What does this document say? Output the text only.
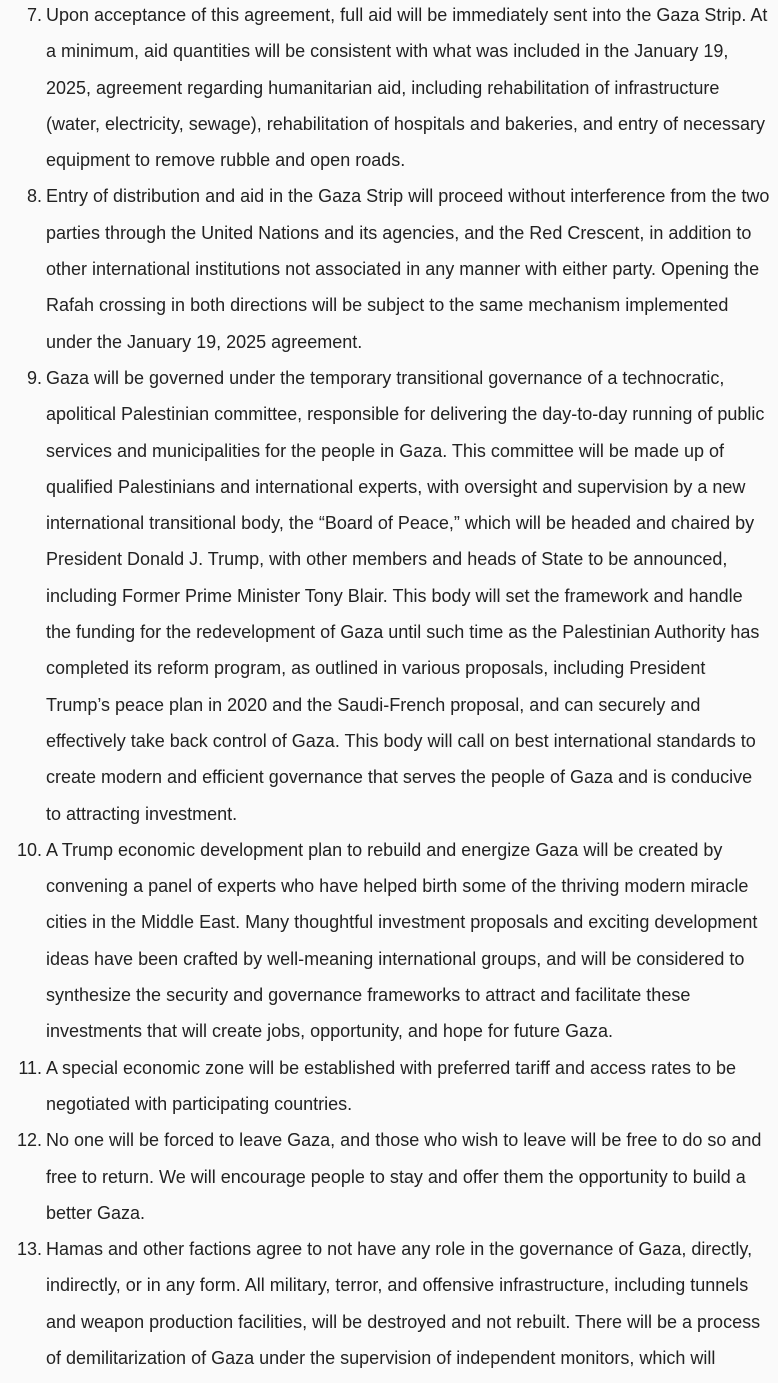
7. Upon acceptance of this agreement, full aid will be immediately sent into the Gaza Strip. At
a minimum, aid quantities will be consistent with what was included in the January 19,
2025, agreement regarding humanitarian aid, including rehabilitation of infrastructure
(water, electricity, sewage), rehabilitation of hospitals and bakeries, and entry of necessary
equipment to remove rubble and open roads.
8. Entry of distribution and aid in the Gaza Strip will proceed without interference from the two
parties through the United Nations and its agencies, and the Red Crescent, in addition to
other international institutions not associated in any manner with either party. Opening the
Rafah crossing in both directions will be subject to the same mechanism implemented
under the January 19, 2025 agreement.
9. Gaza will be governed under the temporary transitional governance of a technocratic,
apolitical Palestinian committee, responsible for delivering the day-to-day running of public
services and municipalities for the people in Gaza. This committee will be made up of
qualified Palestinians and international experts, with oversight and supervision by a new
international transitional body, the “Board of Peace,” which will be headed and chaired by
President Donald J. Trump, with other members and heads of State to be announced,
including Former Prime Minister Tony Blair. This body will set the framework and handle
the funding for the redevelopment of Gaza until such time as the Palestinian Authority has
completed its reform program, as outlined in various proposals, including President
Trump’s peace plan in 2020 and the Saudi-French proposal, and can securely and
effectively take back control of Gaza. This body will call on best international standards to
create modern and efficient governance that serves the people of Gaza and is conducive
to attracting investment.
10. A Trump economic development plan to rebuild and energize Gaza will be created by
convening a panel of experts who have helped birth some of the thriving modern miracle
cities in the Middle East. Many thoughtful investment proposals and exciting development
ideas have been crafted by well-meaning international groups, and will be considered to
synthesize the security and governance frameworks to attract and facilitate these
investments that will create jobs, opportunity, and hope for future Gaza.
11. A special economic zone will be established with preferred tariff and access rates to be
negotiated with participating countries.
12. No one will be forced to leave Gaza, and those who wish to leave will be free to do so and
free to return. We will encourage people to stay and offer them the opportunity to build a
better Gaza.
13. Hamas and other factions agree to not have any role in the governance of Gaza, directly,
indirectly, or in any form. All military, terror, and offensive infrastructure, including tunnels
and weapon production facilities, will be destroyed and not rebuilt. There will be a process
of demilitarization of Gaza under the supervision of independent monitors, which will
